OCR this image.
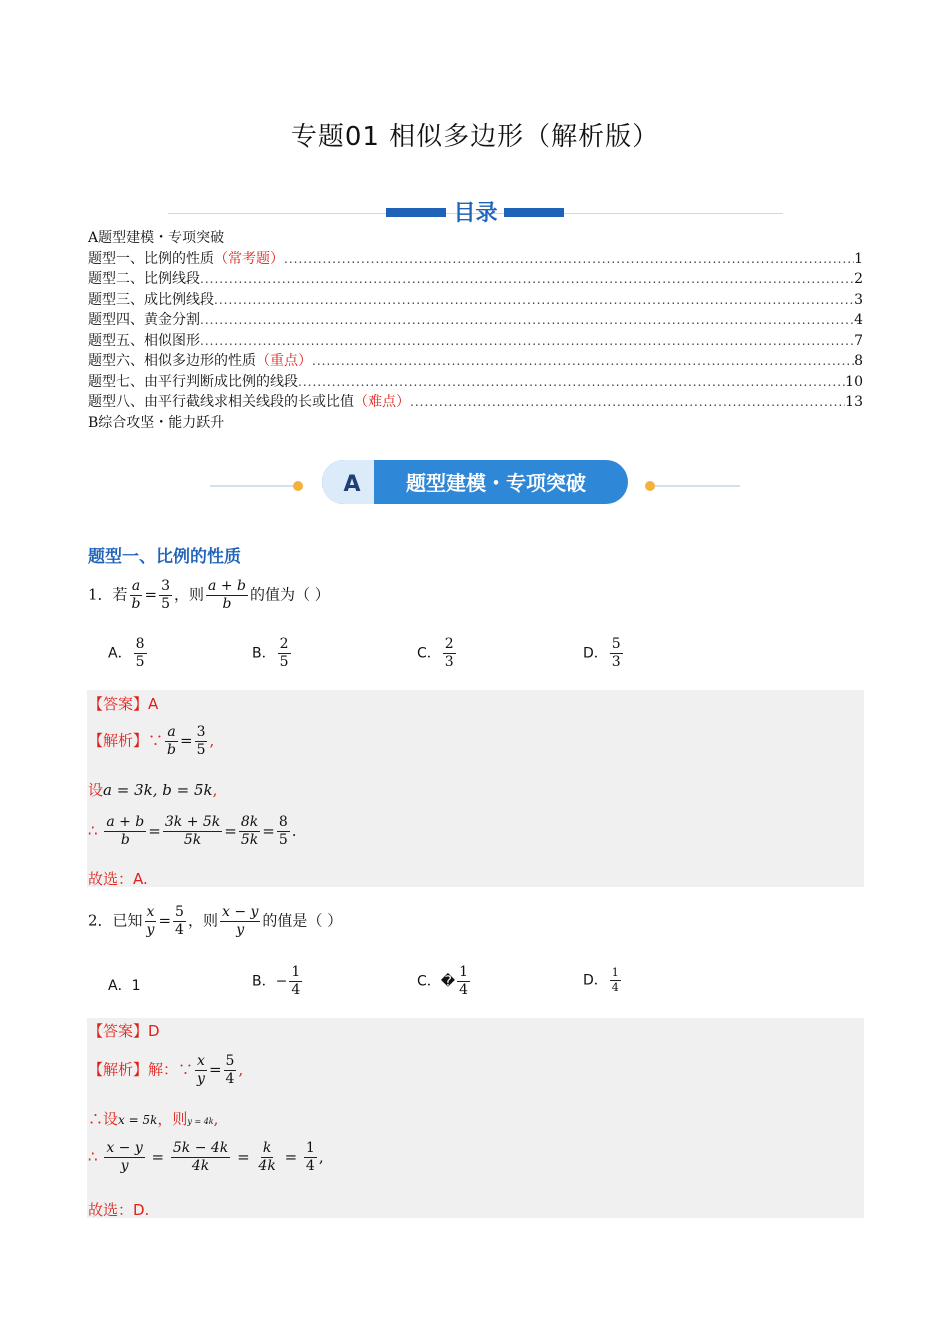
专题01 相似多边形（解析版）
目录
A题型建模・专项突破
题型一、比例的性质 （常考题） .....	1
题型二、比例线段 .....	2
题型三、成比例线段 .....	3
题型四、黄金分割 .....	4
题型五、相似图形 .....	7
题型六、相似多边形的性质 （重点） .....	8
题型七、由平行判断成比例的线段 .....	10
题型八、由平行截线求相关线段的长或比值 （难点） .....	13
B综合攻坚・能力跃升
A 题型建模・专项突破
题型一、比例的性质
1．若 $\frac{a}{b} = \frac{3}{5}$ ，则 $\frac{a + b}{b}$ 的值为（ ）
A． $\frac{8}{5}$	B． $\frac{2}{5}$	C． $\frac{2}{3}$	D． $\frac{5}{3}$
【答案】A
【解析】∵ $\frac{a}{b} = \frac{3}{5}$ ,
设a = 3k, b = 5k,
∴ $\frac{a + b}{b} = \frac{3k + 5k}{5k} = \frac{8k}{5k} = \frac{8}{5}$ .
故选：A.
2．已知 $\frac{x}{y} = \frac{5}{4}$ ，则 $\frac{x - y}{y}$ 的值是（ ）
A．1	B．− $\frac{1}{4}$	C．� $\frac{1}{4}$	D． $\frac{1}{4}$
【答案】D
【解析】解：∵ $\frac{x}{y} = \frac{5}{4}$ ,
∴设x = 5k，则y = 4k,
∴ $\frac{x - y}{y} = \frac{5k - 4k}{4k} = \frac{k}{4k} = \frac{1}{4}$ ,
故选：D.
